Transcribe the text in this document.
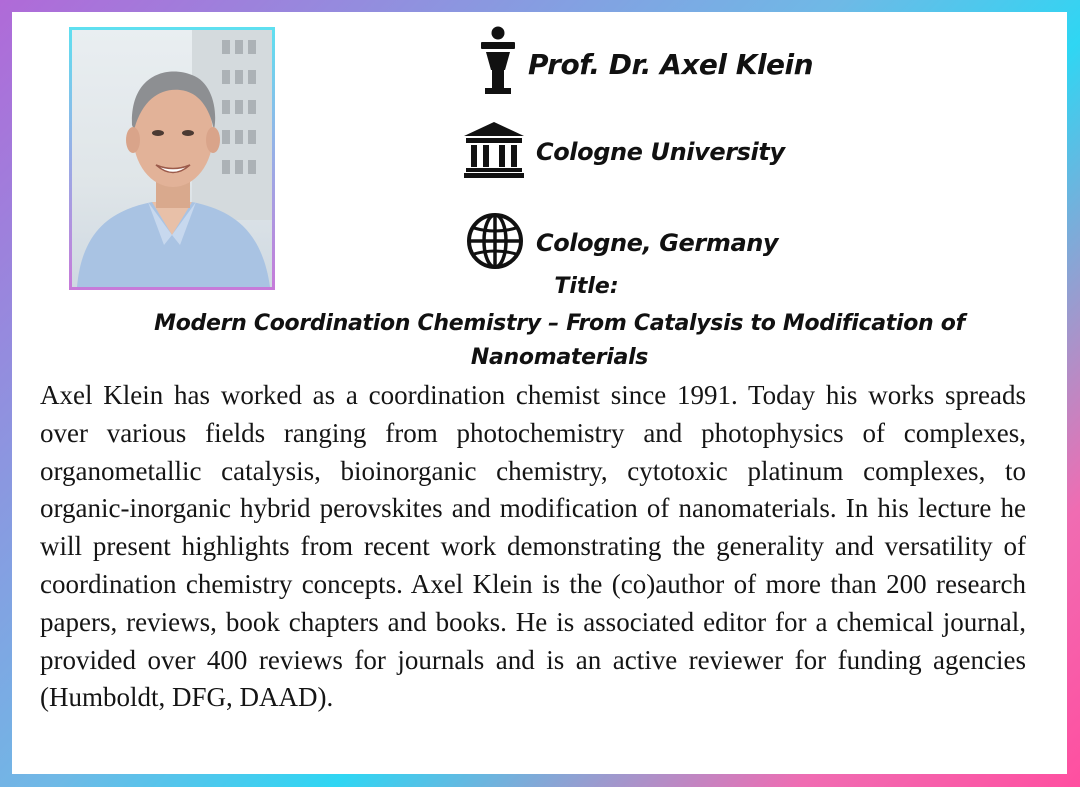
Prof. Dr. Axel Klein
Cologne University
Cologne, Germany
Title:
Modern Coordination Chemistry – From Catalysis to Modification of Nanomaterials

Axel Klein has worked as a coordination chemist since 1991. Today his works spreads over various fields ranging from photochemistry and photophysics of complexes, organometallic catalysis, bioinorganic chemistry, cytotoxic platinum complexes, to organic-inorganic hybrid perovskites and modification of nanomaterials. In his lecture he will present highlights from recent work demonstrating the generality and versatility of coordination chemistry concepts. Axel Klein is the (co)author of more than 200 research papers, reviews, book chapters and books. He is associated editor for a chemical journal, provided over 400 reviews for journals and is an active reviewer for funding agencies (Humboldt, DFG, DAAD).
